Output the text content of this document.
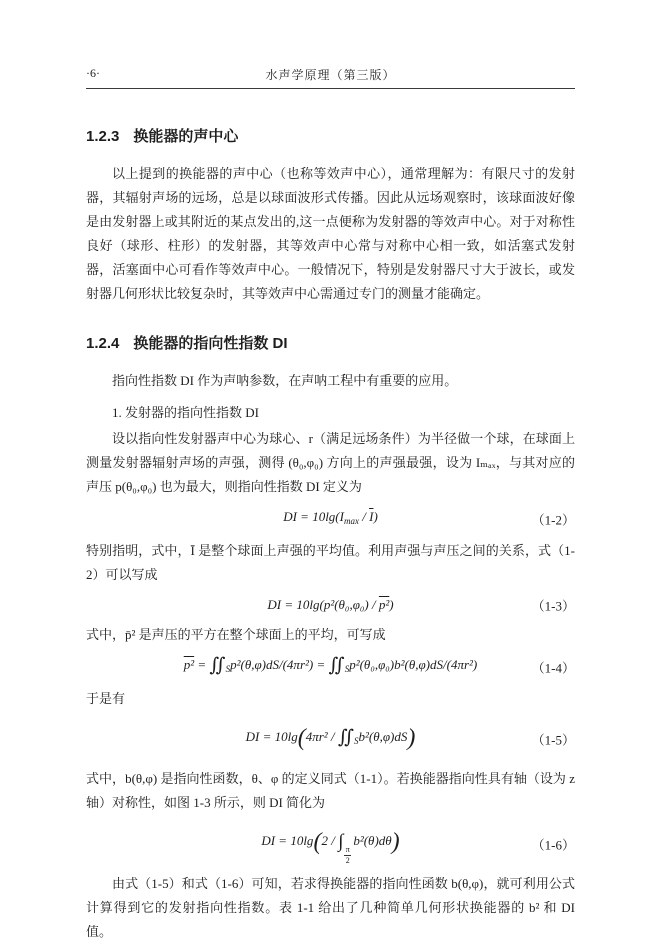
·6·	水声学原理（第三版）
1.2.3 换能器的声中心

以上提到的换能器的声中心（也称等效声中心），通常理解为：有限尺寸的发射器，其辐射声场的远场，总是以球面波形式传播。因此从远场观察时，该球面波好像是由发射器上或其附近的某点发出的,这一点便称为发射器的等效声中心。对于对称性良好（球形、柱形）的发射器，其等效声中心常与对称中心相一致，如活塞式发射器，活塞面中心可看作等效声中心。一般情况下，特别是发射器尺寸大于波长，或发射器几何形状比较复杂时，其等效声中心需通过专门的测量才能确定。

1.2.4 换能器的指向性指数 DI

指向性指数 DI 作为声呐参数，在声呐工程中有重要的应用。

1. 发射器的指向性指数 DI

设以指向性发射器声中心为球心、r（满足远场条件）为半径做一个球，在球面上测量发射器辐射声场的声强，测得 (θ₀,φ₀) 方向上的声强最强，设为 Iₘₐₓ，与其对应的声压 p(θ₀,φ₀) 也为最大，则指向性指数 DI 定义为

DI = $10\lg(I_{max} / \overline{I})$	（1-2）

特别指明，式中，Ī 是整个球面上声强的平均值。利用声强与声压之间的关系，式（1-2）可以写成

DI = 10lg(p²(θ₀,φ₀) / p²)	（1-3）

式中，p̄² 是声压的平方在整个球面上的平均，可写成

$p^2 = ∬_Sp^2(\theta,\varphi)dS/(4\pi r^2)$ = $∬_Sp^2(\theta_0,\varphi_0)b^2(\theta,\varphi)dS/(4\pi r^2)$	（1-4）

于是有

DI = $10\lg(4\pi r^2 / ∬_Sb^2(\theta,\varphi)dS)$	（1-5）

式中，b(θ,φ) 是指向性函数，θ、φ 的定义同式（1-1）。若换能器指向性具有轴（设为 z 轴）对称性，如图 1-3 所示，则 DI 简化为

DI = 10lg(2 / ∫
$\frac{\pi}{2}$
b²(θ)dθ)	（1-6）

由式（1-5）和式（1-6）可知，若求得换能器的指向性函数 b(θ,φ)，就可利用公式计算得到它的发射指向性指数。表 1-1 给出了几种简单几何形状换能器的 b² 和 DI 值。
